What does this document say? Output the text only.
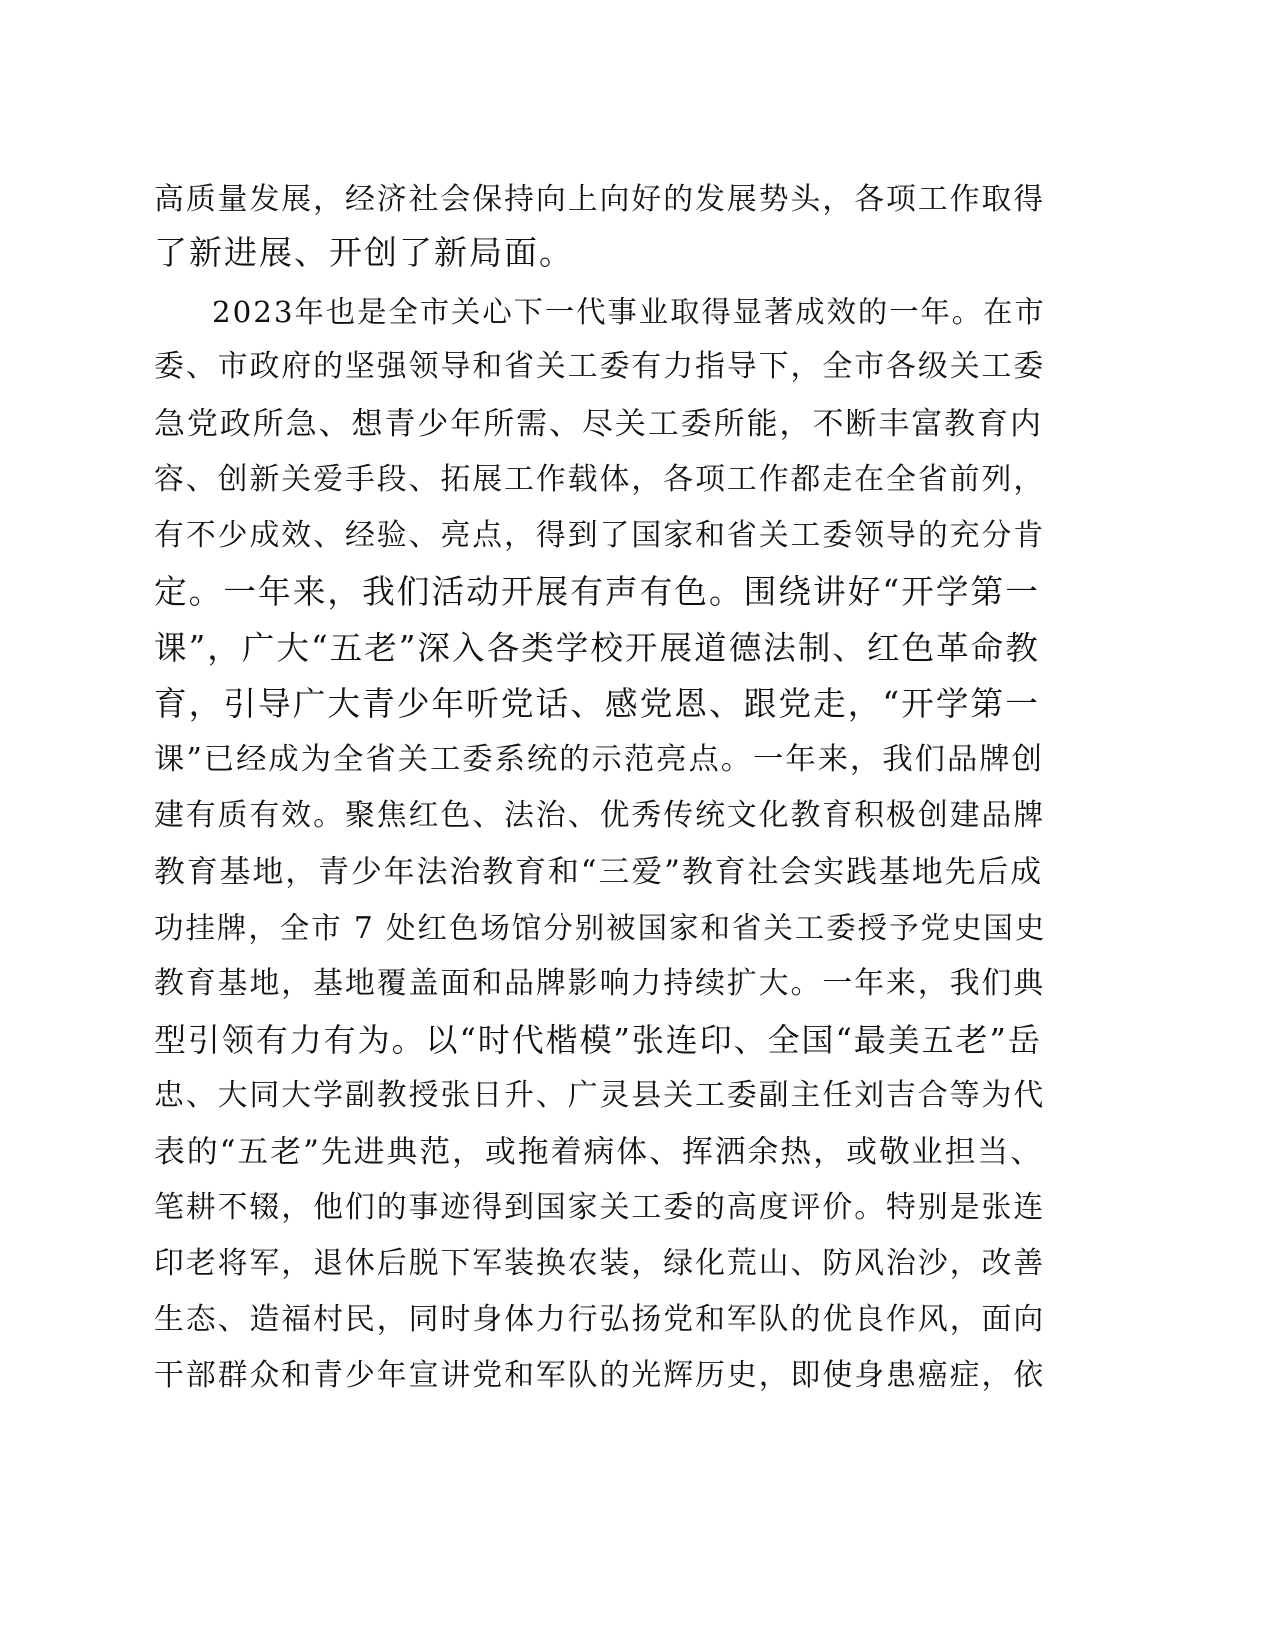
高质量发展，经济社会保持向上向好的发展势头，各项工作取得
了新进展、开创了新局面。
2023年也是全市关心下一代事业取得显著成效的一年。在市
委、市政府的坚强领导和省关工委有力指导下，全市各级关工委
急党政所急、想青少年所需、尽关工委所能，不断丰富教育内
容、创新关爱手段、拓展工作载体，各项工作都走在全省前列，
有不少成效、经验、亮点，得到了国家和省关工委领导的充分肯
定。一年来，我们活动开展有声有色。围绕讲好“开学第一
课”，广大“五老”深入各类学校开展道德法制、红色革命教
育，引导广大青少年听党话、感党恩、跟党走，“开学第一
课”已经成为全省关工委系统的示范亮点。一年来，我们品牌创
建有质有效。聚焦红色、法治、优秀传统文化教育积极创建品牌
教育基地，青少年法治教育和“三爱”教育社会实践基地先后成
功挂牌，全市 7 处红色场馆分别被国家和省关工委授予党史国史
教育基地，基地覆盖面和品牌影响力持续扩大。一年来，我们典
型引领有力有为。以“时代楷模”张连印、全国“最美五老”岳
忠、大同大学副教授张日升、广灵县关工委副主任刘吉合等为代
表的“五老”先进典范，或拖着病体、挥洒余热，或敬业担当、
笔耕不辍，他们的事迹得到国家关工委的高度评价。特别是张连
印老将军，退休后脱下军装换农装，绿化荒山、防风治沙，改善
生态、造福村民，同时身体力行弘扬党和军队的优良作风，面向
干部群众和青少年宣讲党和军队的光辉历史，即使身患癌症，依
